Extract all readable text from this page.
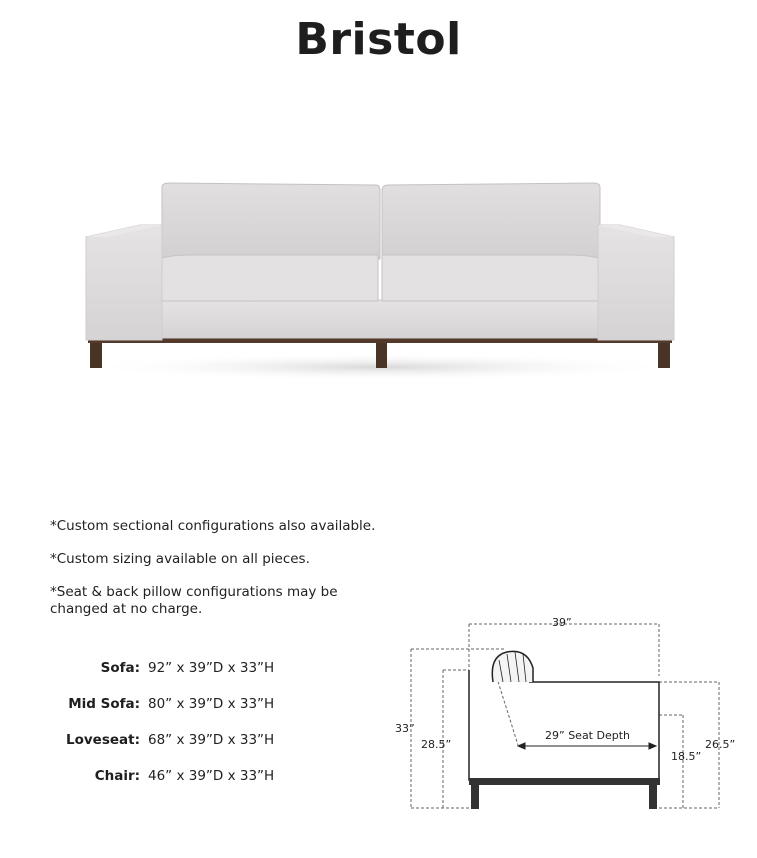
Bristol

*Custom sectional configurations also available.

*Custom sizing available on all pieces.

*Seat & back pillow configurations may be changed at no charge.

Sofa: 92” x 39”D x 33”H
Mid Sofa: 80” x 39”D x 33”H
Loveseat: 68” x 39”D x 33”H
Chair: 46” x 39”D x 33”H
39”
33”
28.5”
29” Seat Depth
18.5”
26.5”
